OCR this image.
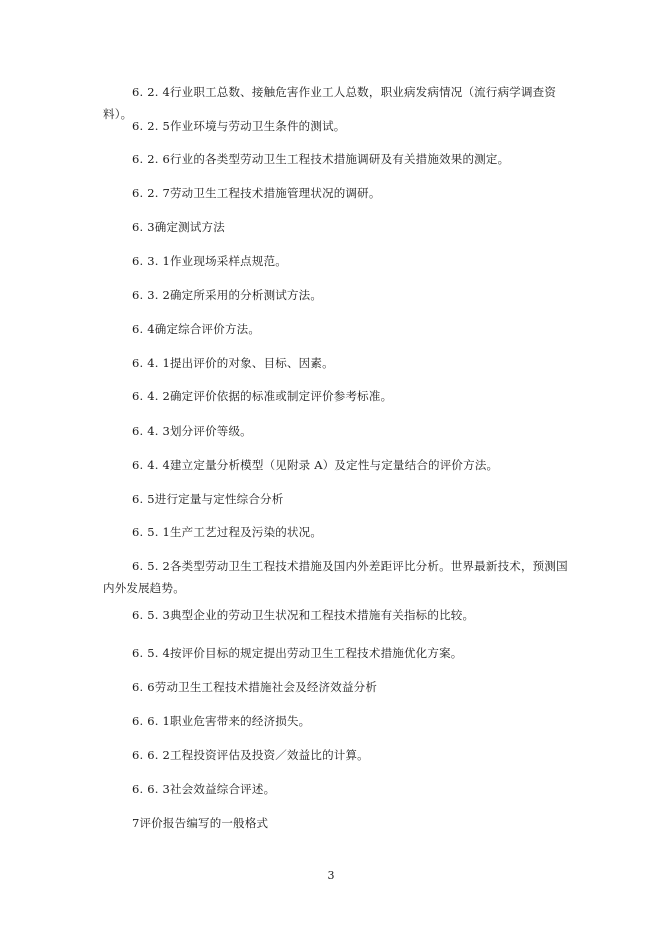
6. 2. 4行业职工总数、接触危害作业工人总数，职业病发病情况（流行病学调查资料）。

6. 2. 5作业环境与劳动卫生条件的测试。

6. 2. 6行业的各类型劳动卫生工程技术措施调研及有关措施效果的测定。

6. 2. 7劳动卫生工程技术措施管理状况的调研。

6. 3确定测试方法

6. 3. 1作业现场采样点规范。

6. 3. 2确定所采用的分析测试方法。

6. 4确定综合评价方法。

6. 4. 1提出评价的对象、目标、因素。

6. 4. 2确定评价依据的标准或制定评价参考标准。

6. 4. 3划分评价等级。

6. 4. 4建立定量分析模型（见附录 A）及定性与定量结合的评价方法。

6. 5进行定量与定性综合分析

6. 5. 1生产工艺过程及污染的状况。

6. 5. 2各类型劳动卫生工程技术措施及国内外差距评比分析。世界最新技术，预测国内外发展趋势。

6. 5. 3典型企业的劳动卫生状况和工程技术措施有关指标的比较。

6. 5. 4按评价目标的规定提出劳动卫生工程技术措施优化方案。

6. 6劳动卫生工程技术措施社会及经济效益分析

6. 6. 1职业危害带来的经济损失。

6. 6. 2工程投资评估及投资／效益比的计算。

6. 6. 3社会效益综合评述。

7评价报告编写的一般格式

3
